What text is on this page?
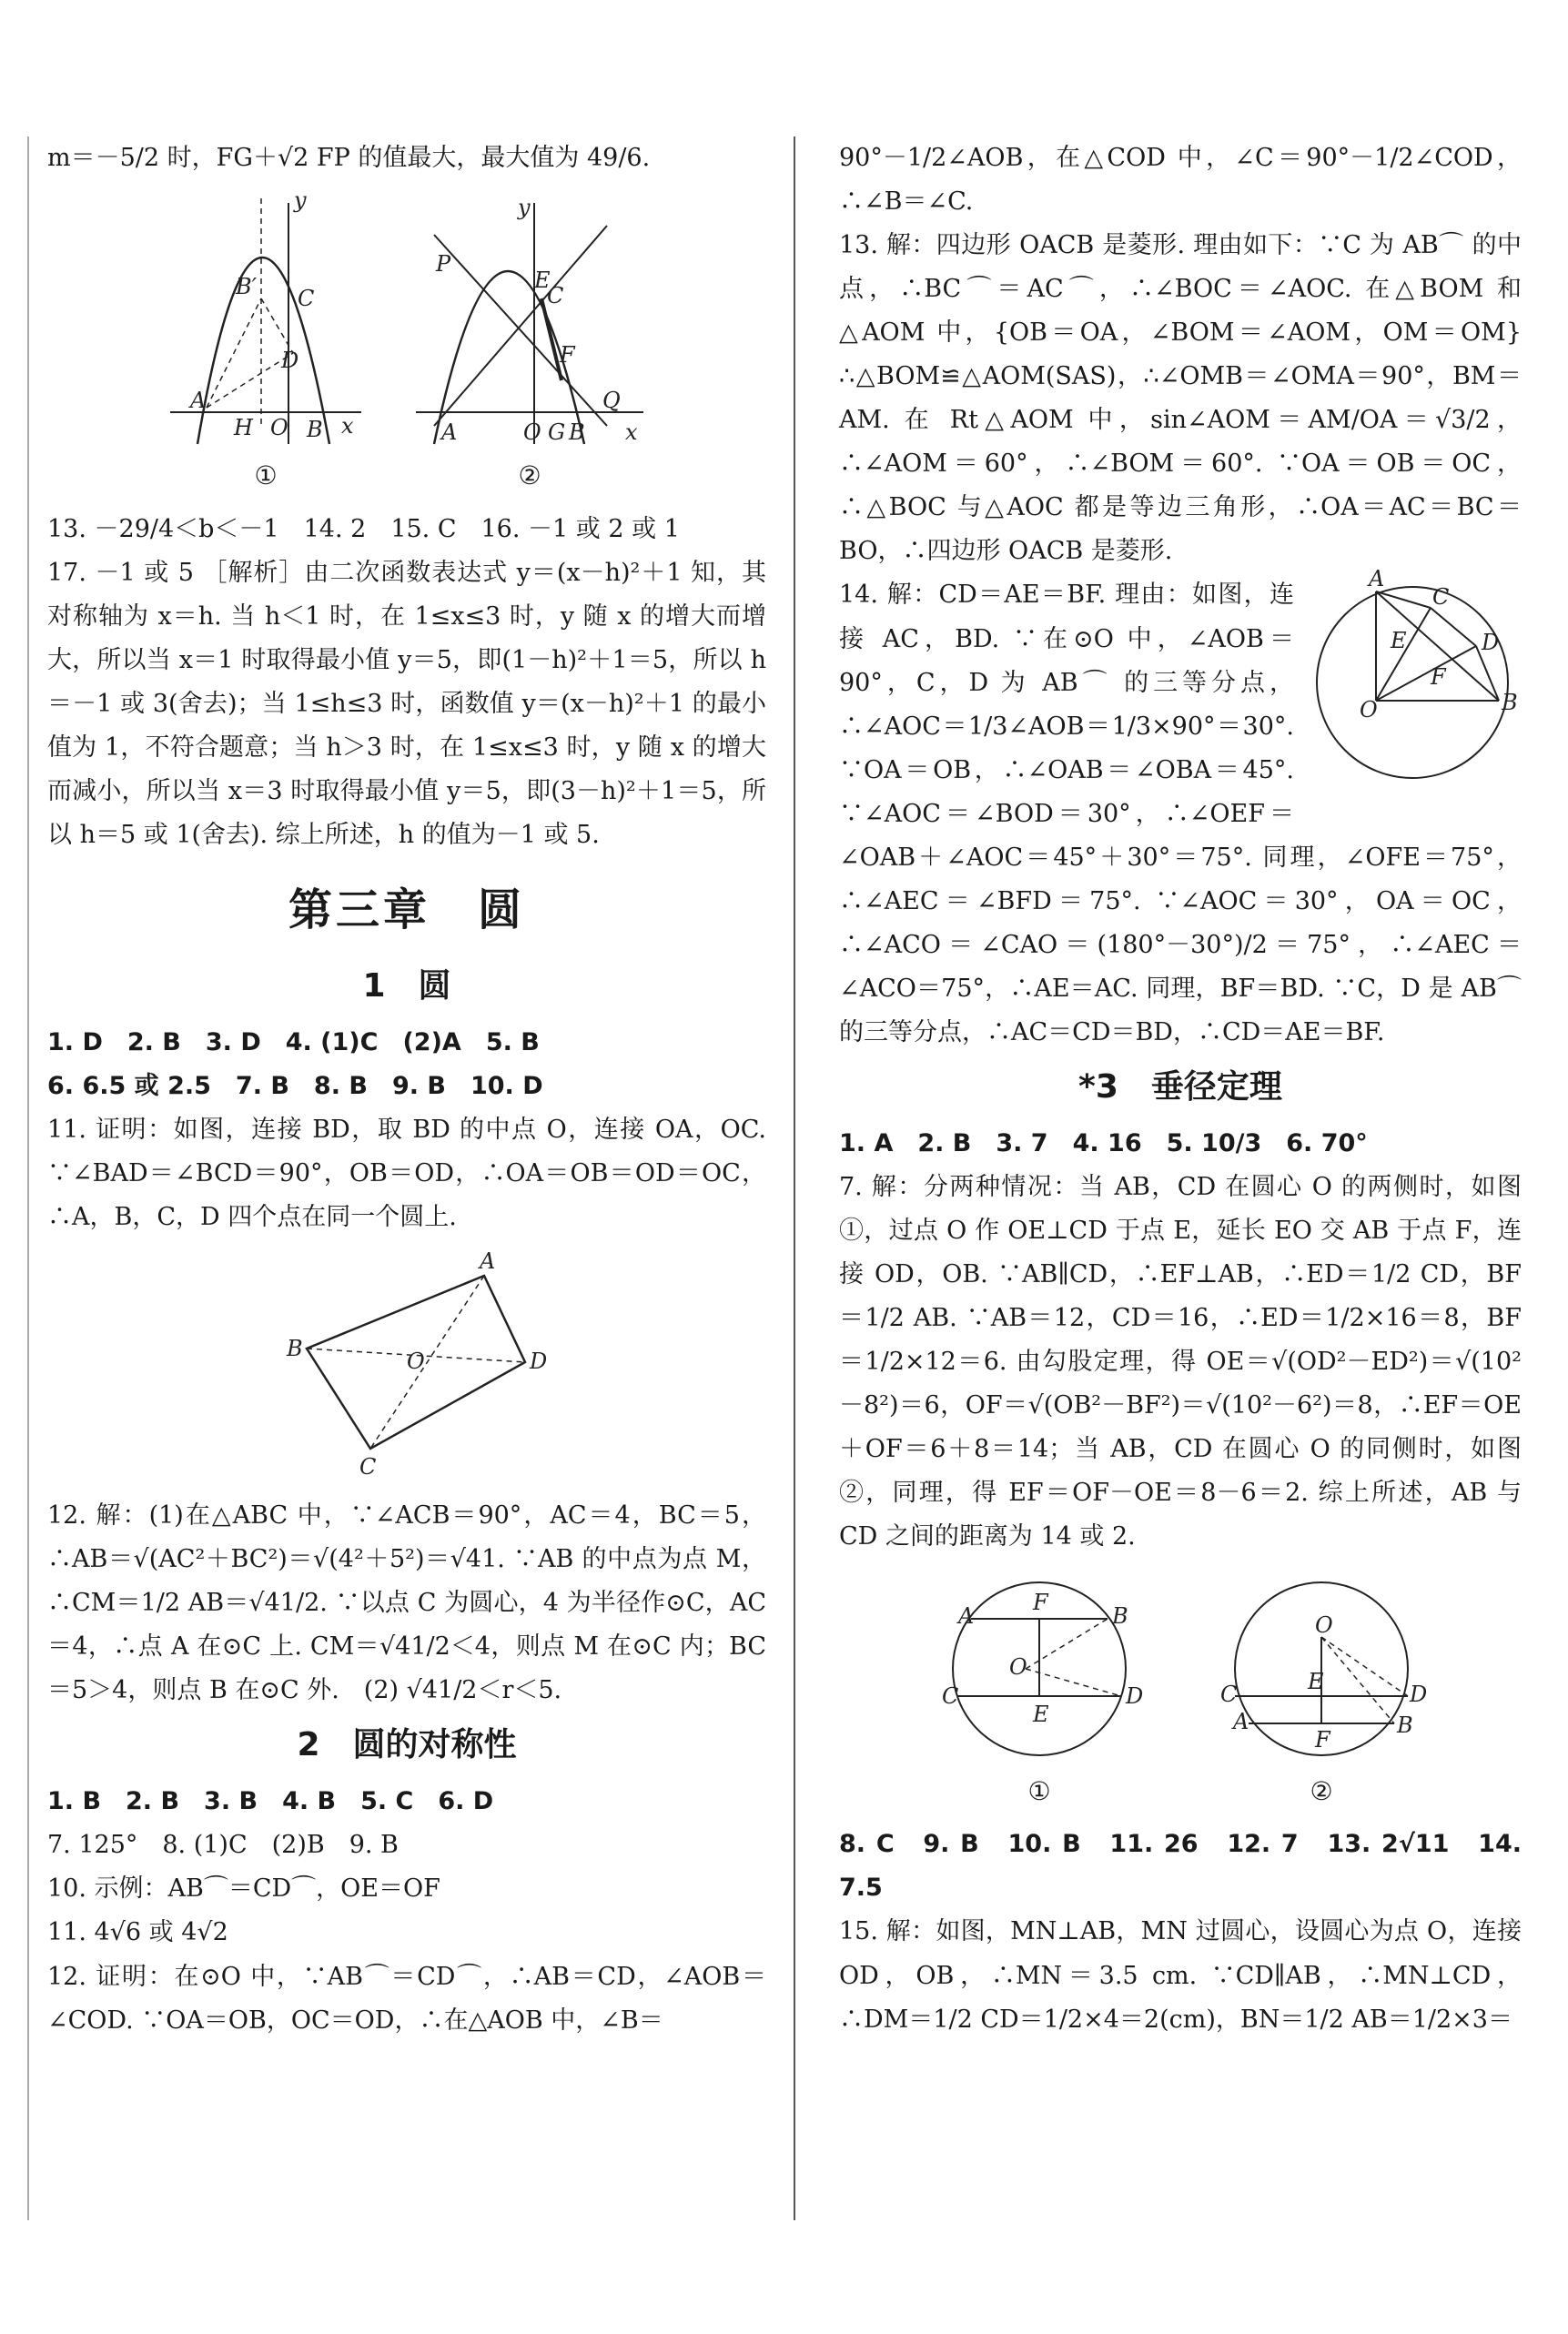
m＝－5/2 时，FG＋√2 FP 的值最大，最大值为 49/6.

A
H O B x
y
B′ C
D
①
P
E
C
F
Q
A	O G B x
y
②

13. －29/4＜b＜－1　14. 2　15. C　16. －1 或 2 或 1

17. －1 或 5 ［解析］由二次函数表达式 y＝(x－h)²＋1 知，其对称轴为 x＝h. 当 h＜1 时，在 1≤x≤3 时，y 随 x 的增大而增大，所以当 x＝1 时取得最小值 y＝5，即(1－h)²＋1＝5，所以 h＝－1 或 3(舍去)；当 1≤h≤3 时，函数值 y＝(x－h)²＋1 的最小值为 1，不符合题意；当 h＞3 时，在 1≤x≤3 时，y 随 x 的增大而减小，所以当 x＝3 时取得最小值 y＝5，即(3－h)²＋1＝5，所以 h＝5 或 1(舍去). 综上所述，h 的值为－1 或 5.

第三章　圆
1　圆

1. D　2. B　3. D　4. (1)C　(2)A　5. B

6. 6.5 或 2.5　7. B　8. B　9. B　10. D

11. 证明：如图，连接 BD，取 BD 的中点 O，连接 OA，OC. ∵∠BAD＝∠BCD＝90°，OB＝OD，∴OA＝OB＝OD＝OC，∴A，B，C，D 四个点在同一个圆上.

A
B
C
D
O

12. 解：(1)在△ABC 中，∵∠ACB＝90°，AC＝4，BC＝5，∴AB＝√(AC²＋BC²)＝√(4²＋5²)＝√41. ∵AB 的中点为点 M，∴CM＝1/2 AB＝√41/2. ∵以点 C 为圆心，4 为半径作⊙C，AC＝4，∴点 A 在⊙C 上. CM＝√41/2＜4，则点 M 在⊙C 内；BC＝5＞4，则点 B 在⊙C 外.　(2) √41/2＜r＜5.

2　圆的对称性

1. B　2. B　3. B　4. B　5. C　6. D

7. 125°　8. (1)C　(2)B　9. B

10. 示例：AB⌒＝CD⌒，OE＝OF

11. 4√6 或 4√2

12. 证明：在⊙O 中，∵AB⌒＝CD⌒，∴AB＝CD，∠AOB＝∠COD. ∵OA＝OB，OC＝OD，∴在△AOB 中，∠B＝

90°－1/2∠AOB，在△COD 中，∠C＝90°－1/2∠COD，∴∠B＝∠C.

13. 解：四边形 OACB 是菱形. 理由如下：∵C 为 AB⌒ 的中点，∴BC⌒＝AC⌒，∴∠BOC＝∠AOC. 在△BOM 和△AOM 中，{OB＝OA，∠BOM＝∠AOM，OM＝OM} ∴△BOM≌△AOM(SAS)，∴∠OMB＝∠OMA＝90°，BM＝AM. 在 Rt△AOM 中，sin∠AOM＝AM/OA＝√3/2，∴∠AOM＝60°，∴∠BOM＝60°. ∵OA＝OB＝OC，∴△BOC 与△AOC 都是等边三角形，∴OA＝AC＝BC＝BO，∴四边形 OACB 是菱形.

A
C
D
B
O
E
F

14. 解：CD＝AE＝BF. 理由：如图，连接 AC，BD. ∵在⊙O 中，∠AOB＝90°，C，D 为 AB⌒ 的三等分点，∴∠AOC＝1/3∠AOB＝1/3×90°＝30°. ∵OA＝OB，∴∠OAB＝∠OBA＝45°. ∵∠AOC＝∠BOD＝30°，∴∠OEF＝∠OAB＋∠AOC＝45°＋30°＝75°. 同理，∠OFE＝75°，∴∠AEC＝∠BFD＝75°. ∵∠AOC＝30°，OA＝OC，∴∠ACO＝∠CAO＝(180°－30°)/2＝75°，∴∠AEC＝∠ACO＝75°，∴AE＝AC. 同理，BF＝BD. ∵C，D 是 AB⌒ 的三等分点，∴AC＝CD＝BD，∴CD＝AE＝BF.

*3　垂径定理

1. A　2. B　3. 7　4. 16　5. 10/3　6. 70°

7. 解：分两种情况：当 AB，CD 在圆心 O 的两侧时，如图①，过点 O 作 OE⊥CD 于点 E，延长 EO 交 AB 于点 F，连接 OD，OB. ∵AB∥CD，∴EF⊥AB，∴ED＝1/2 CD，BF＝1/2 AB. ∵AB＝12，CD＝16，∴ED＝1/2×16＝8，BF＝1/2×12＝6. 由勾股定理，得 OE＝√(OD²－ED²)＝√(10²－8²)＝6，OF＝√(OB²－BF²)＝√(10²－6²)＝8，∴EF＝OE＋OF＝6＋8＝14；当 AB，CD 在圆心 O 的同侧时，如图②，同理，得 EF＝OF－OE＝8－6＝2. 综上所述，AB 与 CD 之间的距离为 14 或 2.

A	B
F
C	D
E
O
①
O
E
C	D
A	B
F
②

8. C　9. B　10. B　11. 26　12. 7　13. 2√11　14. 7.5

15. 解：如图，MN⊥AB，MN 过圆心，设圆心为点 O，连接 OD，OB，∴MN＝3.5 cm. ∵CD∥AB，∴MN⊥CD，∴DM＝1/2 CD＝1/2×4＝2(cm)，BN＝1/2 AB＝1/2×3＝
